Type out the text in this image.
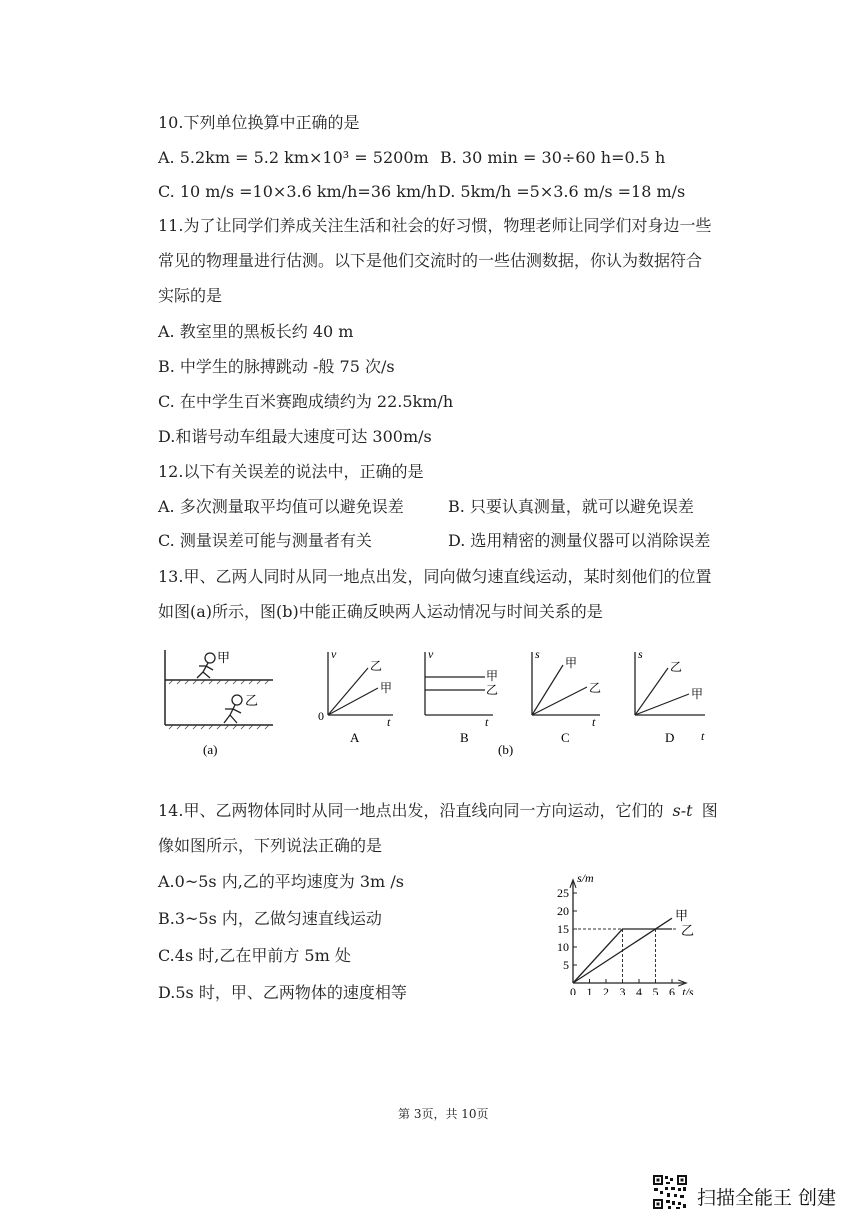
10.下列单位换算中正确的是
A. 5.2km = 5.2 km×10³ = 5200m B. 30 min = 30÷60 h=0.5 h
C. 10 m/s =10×3.6 km/h=36 km/h D. 5km/h =5×3.6 m/s =18 m/s
11.为了让同学们养成关注生活和社会的好习惯，物理老师让同学们对身边一些
常见的物理量进行估测。以下是他们交流时的一些估测数据，你认为数据符合
实际的是
A. 教室里的黑板长约 40 m
B. 中学生的脉搏跳动 -般 75 次/s
C. 在中学生百米赛跑成绩约为 22.5km/h
D.和谐号动车组最大速度可达 300m/s
12.以下有关误差的说法中，正确的是
A. 多次测量取平均值可以避免误差	B. 只要认真测量，就可以避免误差
C. 测量误差可能与测量者有关	D. 选用精密的测量仪器可以消除误差
13.甲、乙两人同时从同一地点出发，同向做匀速直线运动，某时刻他们的位置
如图(a)所示，图(b)中能正确反映两人运动情况与时间关系的是
甲
乙
(a)
v
乙
甲
0	t
A
v
甲
乙
t
B
(b)
s
甲
乙
t
C
s
乙
甲
t
D
14.甲、乙两物体同时从同一地点出发，沿直线向同一方向运动，它们的 s-t 图
像如图所示，下列说法正确的是
A.0~5s 内,乙的平均速度为 3m /s
B.3~5s 内，乙做匀速直线运动
C.4s 时,乙在甲前方 5m 处
D.5s 时，甲、乙两物体的速度相等
5
10
15
20
25
0 1 2 3 4 5 6
s/m
t/s
甲
乙
第 3页，共 10页
扫描全能王 创建
